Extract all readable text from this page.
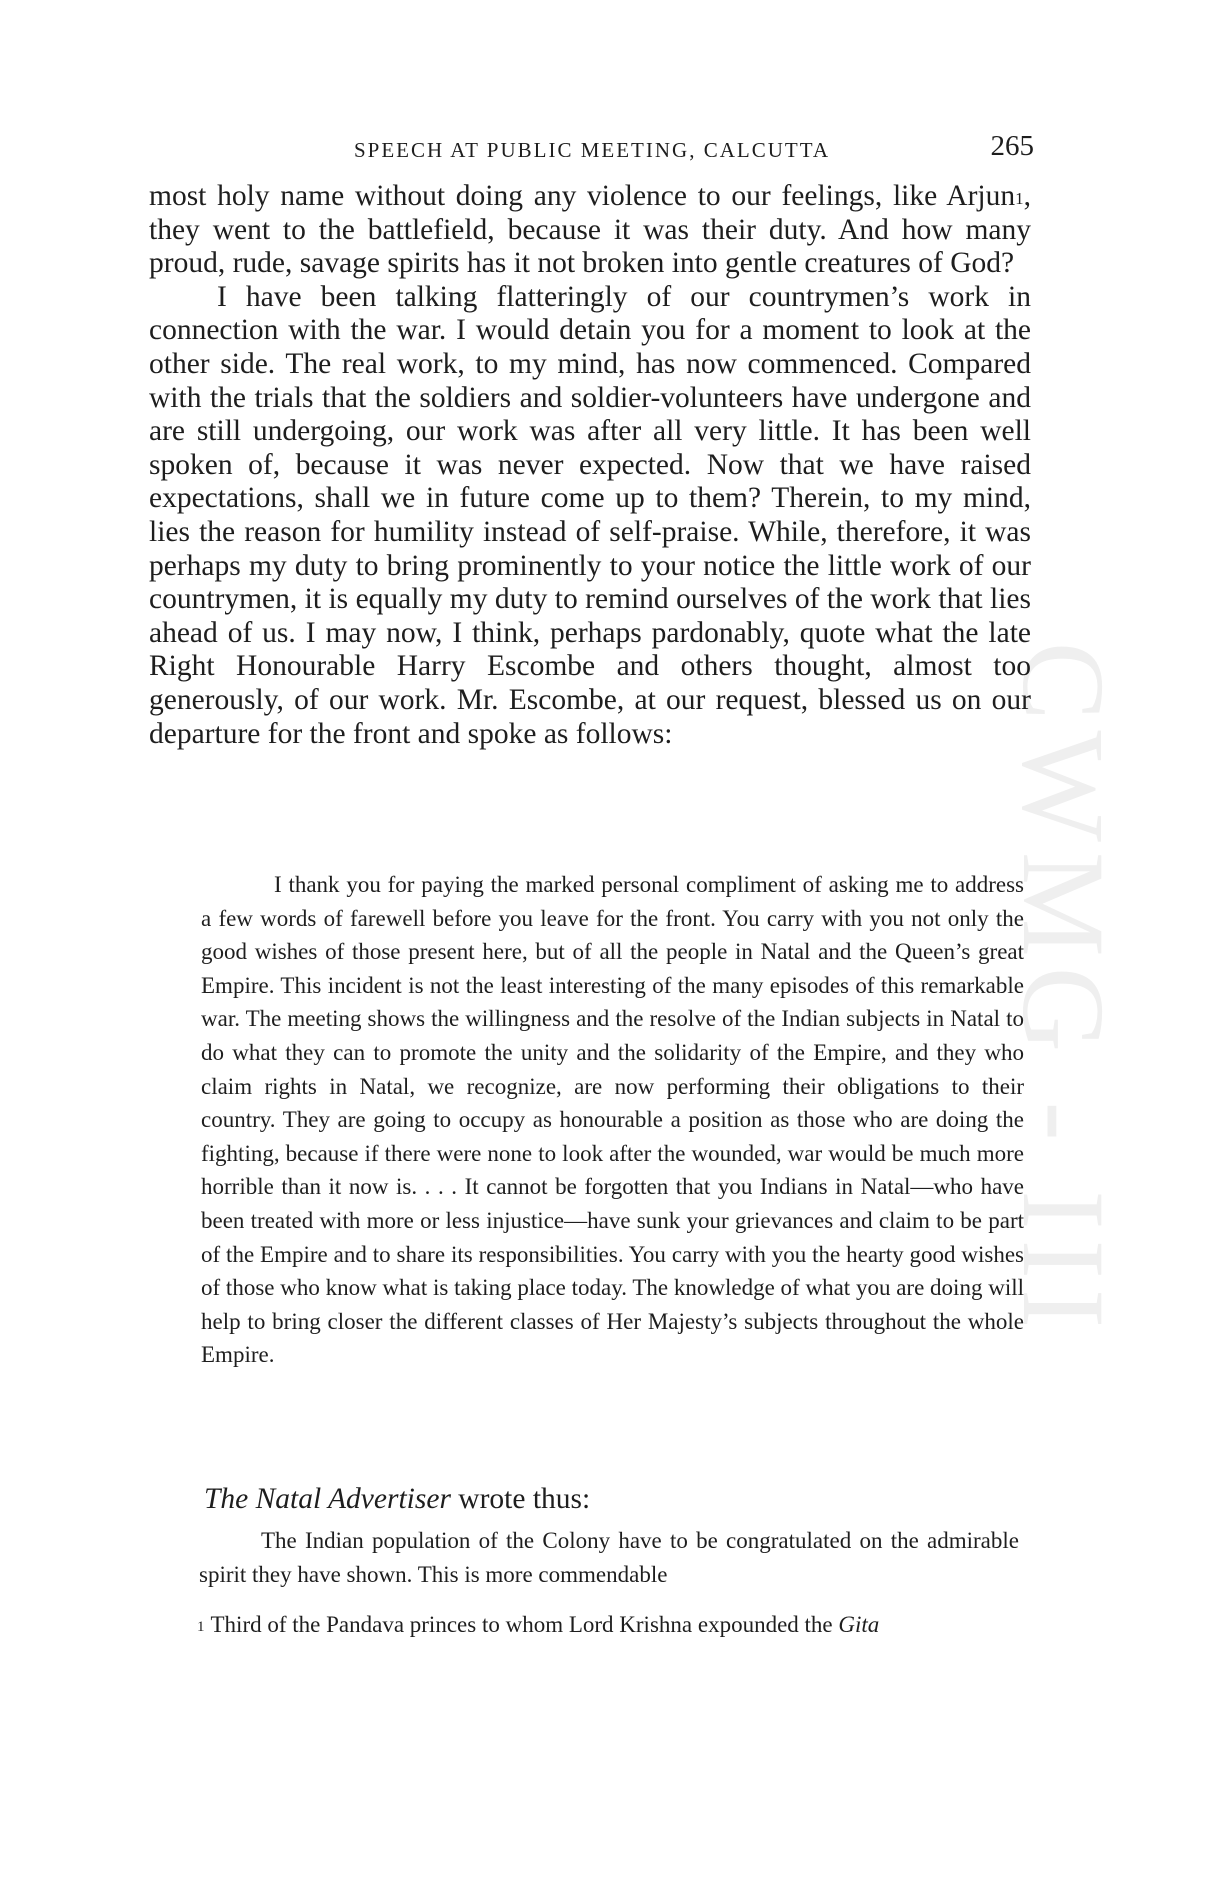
CWMG - III
SPEECH AT PUBLIC MEETING, CALCUTTA	265

most holy name without doing any violence to our feelings, like Arjun$^1$, they went to the battlefield, because it was their duty. And how many proud, rude, savage spirits has it not broken into gentle creatures of God?

I have been talking flatteringly of our countrymen’s work in connection with the war. I would detain you for a moment to look at the other side. The real work, to my mind, has now commenced. Compared with the trials that the soldiers and soldier-volunteers have undergone and are still undergoing, our work was after all very little. It has been well spoken of, because it was never expected. Now that we have raised expectations, shall we in future come up to them? Therein, to my mind, lies the reason for humility instead of self-praise. While, therefore, it was perhaps my duty to bring prominently to your notice the little work of our countrymen, it is equally my duty to remind ourselves of the work that lies ahead of us. I may now, I think, perhaps pardonably, quote what the late Right Honourable Harry Escombe and others thought, almost too generously, of our work. Mr. Escombe, at our request, blessed us on our departure for the front and spoke as follows:

I thank you for paying the marked personal compliment of asking me to address a few words of farewell before you leave for the front. You carry with you not only the good wishes of those present here, but of all the people in Natal and the Queen’s great Empire. This incident is not the least interesting of the many episodes of this remarkable war. The meeting shows the willingness and the resolve of the Indian subjects in Natal to do what they can to promote the unity and the solidarity of the Empire, and they who claim rights in Natal, we recognize, are now performing their obligations to their country. They are going to occupy as honourable a position as those who are doing the fighting, because if there were none to look after the wounded, war would be much more horrible than it now is. . . . It cannot be forgotten that you Indians in Natal—who have been treated with more or less injustice—have sunk your grievances and claim to be part of the Empire and to share its responsibilities. You carry with you the hearty good wishes of those who know what is taking place today. The knowledge of what you are doing will help to bring closer the different classes of Her Majesty’s subjects throughout the whole Empire.
The Natal Advertiser wrote thus:
The Indian population of the Colony have to be congratulated on the admirable spirit they have shown. This is more commendable
$^1$ Third of the Pandava princes to whom Lord Krishna expounded the Gita
